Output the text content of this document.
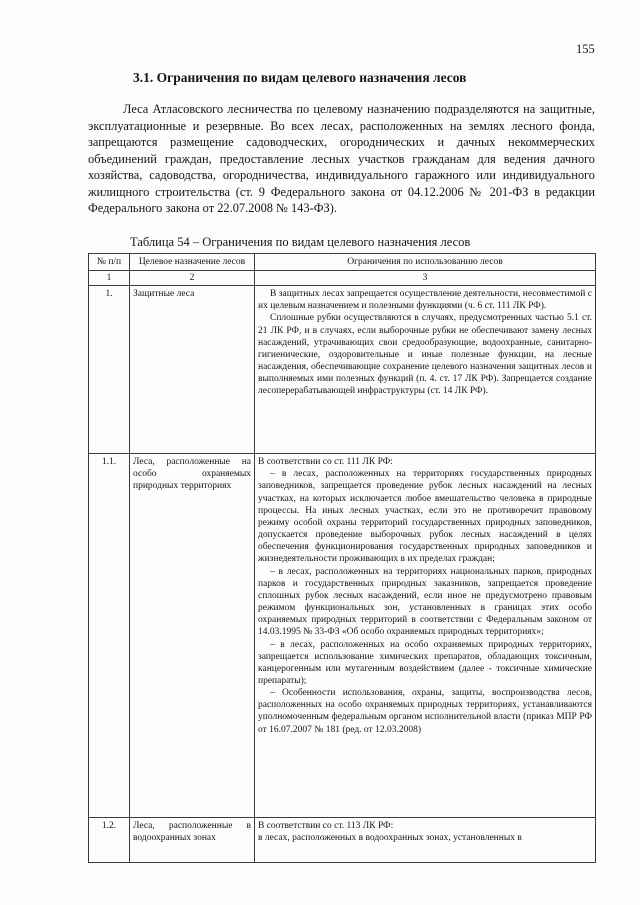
155
3.1. Ограничения по видам целевого назначения лесов

Леса Атласовского лесничества по целевому назначению подразделяются на защитные, эксплуатационные и резервные. Во всех лесах, расположенных на землях лесного фонда, запрещаются размещение садоводческих, огороднических и дачных некоммерческих объединений граждан, предоставление лесных участков гражданам для ведения дачного хозяйства, садоводства, огородничества, индивидуального гаражного или индивидуального жилищного строительства (ст. 9 Федерального закона от 04.12.2006 № 201-ФЗ в редакции Федерального закона от 22.07.2008 № 143-ФЗ).

Таблица 54 – Ограничения по видам целевого назначения лесов
№ п/п	Целевое назначение лесов	Ограничения по использованию лесов
1	2	3
1.	Защитные леса	В защитных лесах запрещается осуществление деятельности, несовместимой с их целевым назначением и полезными функциями (ч. 6 ст. 111 ЛК РФ).

Сплошные рубки осуществляются в случаях, предусмотренных частью 5.1 ст. 21 ЛК РФ, и в случаях, если выборочные рубки не обеспечивают замену лесных насаждений, утрачивающих свои средообразующие, водоохранные, санитарно-гигиенические, оздоровительные и иные полезные функции, на лесные насаждения, обеспечивающие сохранение целевого назначения защитных лесов и выполняемых ими полезных функций (п. 4. ст. 17 ЛК РФ). Запрещается создание лесоперерабатывающей инфраструктуры (ст. 14 ЛК РФ).

1.1.	Леса, расположенные на особо охраняемых природных территориях	В соответствии со ст. 111 ЛК РФ:

– в лесах, расположенных на территориях государственных природных заповедников, запрещается проведение рубок лесных насаждений на лесных участках, на которых исключается любое вмешательство человека в природные процессы. На иных лесных участках, если это не противоречит правовому режиму особой охраны территорий государственных природных заповедников, допускается проведение выборочных рубок лесных насаждений в целях обеспечения функционирования государственных природных заповедников и жизнедеятельности проживающих в их пределах граждан;

– в лесах, расположенных на территориях национальных парков, природных парков и государственных природных заказников, запрещается проведение сплошных рубок лесных насаждений, если иное не предусмотрено правовым режимом функциональных зон, установленных в границах этих особо охраняемых природных территорий в соответствии с Федеральным законом от 14.03.1995 № 33-ФЗ «Об особо охраняемых природных территориях»;

– в лесах, расположенных на особо охраняемых природных территориях, запрещается использование химических препаратов, обладающих токсичным, канцерогенным или мутагенным воздействием (далее - токсичные химические препараты);

– Особенности использования, охраны, защиты, воспроизводства лесов, расположенных на особо охраняемых природных территориях, устанавливаются уполномоченным федеральным органом исполнительной власти (приказ МПР РФ от 16.07.2007 № 181 (ред. от 12.03.2008)

1.2.	Леса, расположенные в водоохранных зонах	В соответствии со ст. 113 ЛК РФ:

в лесах, расположенных в водоохранных зонах, установленных в
